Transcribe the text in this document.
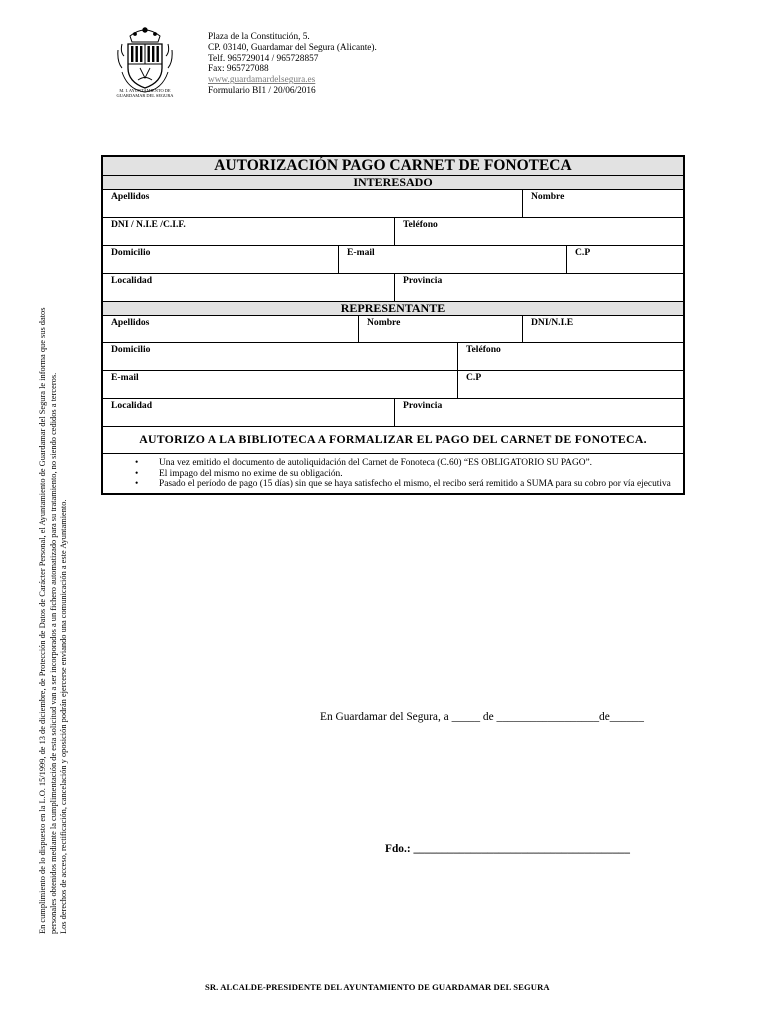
En cumplimiento de lo dispuesto en la L.O. 15/1999, de 13 de diciembre, de Protección de Datos de Carácter Personal, el Ayuntamiento de Guardamar del Segura le informa que sus datos personales obtenidos mediante la cumplimentación de esta solicitud van a ser incorporados a un fichero automatizado para su tratamiento, no siendo cedidos a terceros. Los derechos de acceso, rectificación, cancelación y oposición podrán ejercerse enviando una comunicación a este Ayuntamiento.
M. I. AYUNTAMIENTO DE
GUARDAMAR DEL SEGURA
Plaza de la Constitución, 5.
CP. 03140, Guardamar del Segura (Alicante).
Telf. 965729014 / 965728857
Fax: 965727088
www.guardamardelsegura.es
Formulario BI1 / 20/06/2016
AUTORIZACIÓN PAGO CARNET DE FONOTECA
INTERESADO
Apellidos	Nombre
DNI / N.I.E /C.I.F.	Teléfono
Domicilio	E-mail	C.P
Localidad	Provincia
REPRESENTANTE
Apellidos	Nombre	DNI/N.I.E
Domicilio	Teléfono
E-mail	C.P
Localidad	Provincia
AUTORIZO A LA BIBLIOTECA A FORMALIZAR EL PAGO DEL CARNET DE FONOTECA.
• Una vez emitido el documento de autoliquidación del Carnet de Fonoteca (C.60) “ES OBLIGATORIO SU PAGO”.
• El impago del mismo no exime de su obligación.
• Pasado el período de pago (15 días) sin que se haya satisfecho el mismo, el recibo será remitido a SUMA para su cobro por vía ejecutiva
En Guardamar del Segura, a _____ de __________________de______
Fdo.: ______________________________________
SR. ALCALDE-PRESIDENTE DEL AYUNTAMIENTO DE GUARDAMAR DEL SEGURA
